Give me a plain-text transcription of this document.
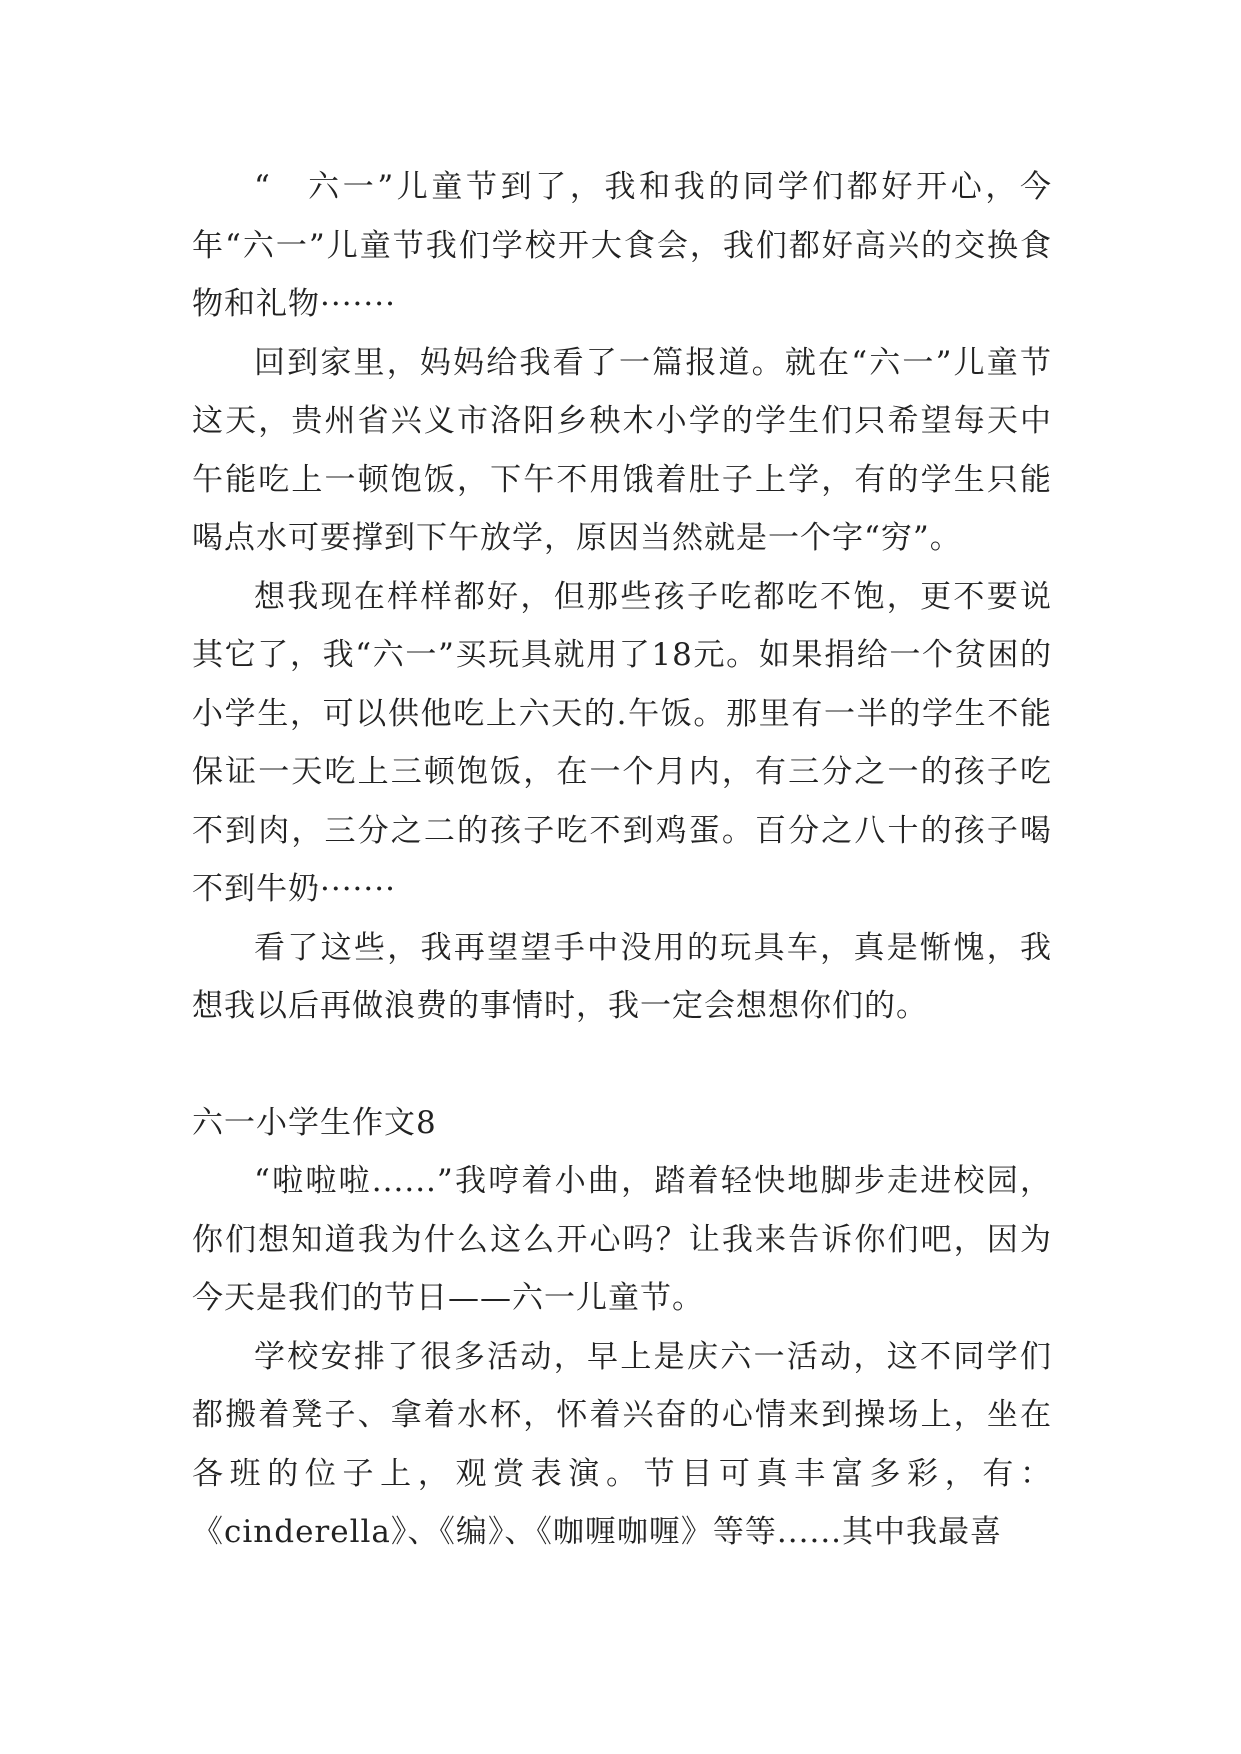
“　六一”儿童节到了，我和我的同学们都好开心，今年“六一”儿童节我们学校开大食会，我们都好高兴的交换食物和礼物·······

回到家里，妈妈给我看了一篇报道。就在“六一”儿童节这天，贵州省兴义市洛阳乡秧木小学的学生们只希望每天中午能吃上一顿饱饭，下午不用饿着肚子上学，有的学生只能喝点水可要撑到下午放学，原因当然就是一个字“穷”。

想我现在样样都好，但那些孩子吃都吃不饱，更不要说其它了，我“六一”买玩具就用了18元。如果捐给一个贫困的小学生，可以供他吃上六天的.午饭。那里有一半的学生不能保证一天吃上三顿饱饭，在一个月内，有三分之一的孩子吃不到肉，三分之二的孩子吃不到鸡蛋。百分之八十的孩子喝不到牛奶·······

看了这些，我再望望手中没用的玩具车，真是惭愧，我想我以后再做浪费的事情时，我一定会想想你们的。

六一小学生作文8

“啦啦啦......”我哼着小曲，踏着轻快地脚步走进校园，你们想知道我为什么这么开心吗？让我来告诉你们吧，因为今天是我们的节日——六一儿童节。

学校安排了很多活动，早上是庆六一活动，这不同学们都搬着凳子、拿着水杯，怀着兴奋的心情来到操场上，坐在各班的位子上，观赏表演。节目可真丰富多彩，有：《cinderella》、《编》、《咖喱咖喱》等等......其中我最喜
